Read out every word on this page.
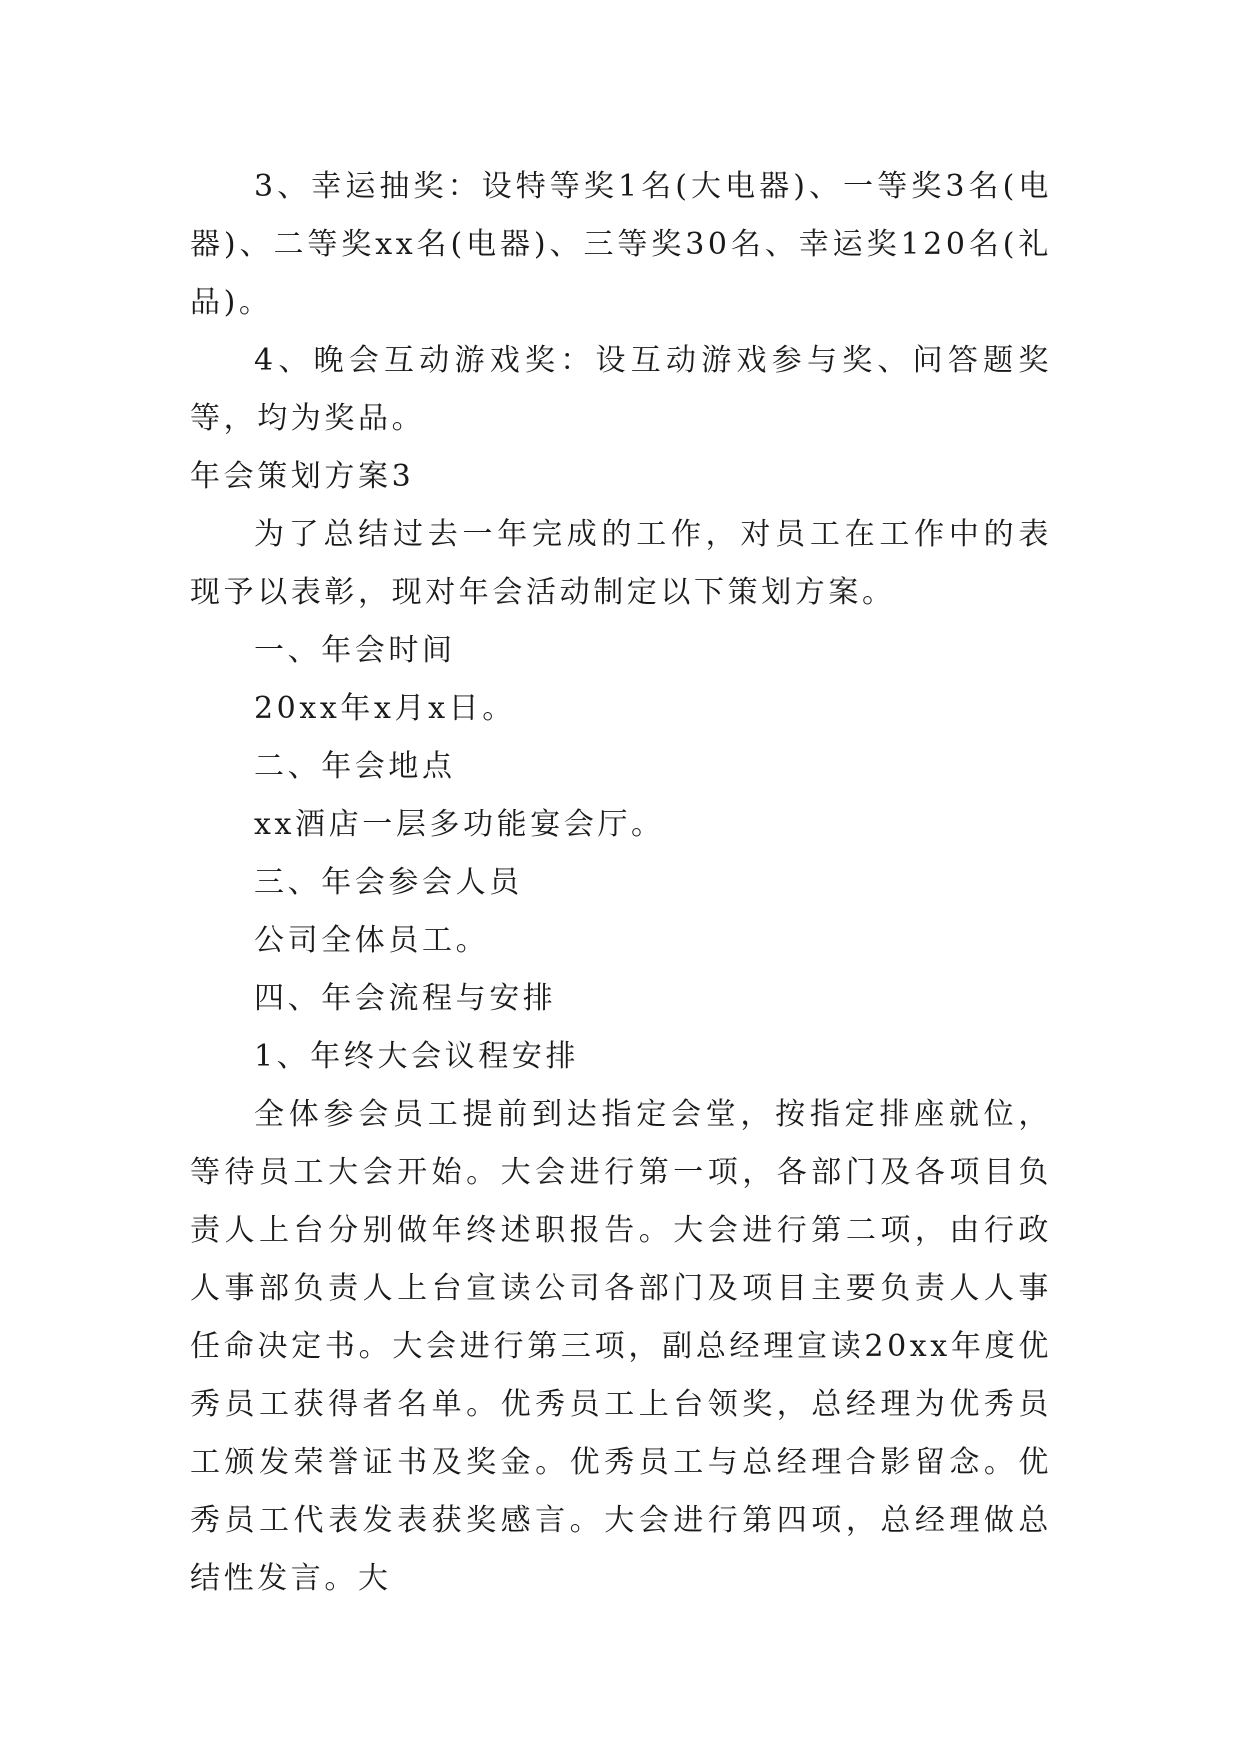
3、幸运抽奖：设特等奖1名(大电器)、一等奖3名(电器)、二等奖xx名(电器)、三等奖30名、幸运奖120名(礼品)。

4、晚会互动游戏奖：设互动游戏参与奖、问答题奖等，均为奖品。

年会策划方案3

为了总结过去一年完成的工作，对员工在工作中的表现予以表彰，现对年会活动制定以下策划方案。

一、年会时间

20xx年x月x日。

二、年会地点

xx酒店一层多功能宴会厅。

三、年会参会人员

公司全体员工。

四、年会流程与安排

1、年终大会议程安排

全体参会员工提前到达指定会堂，按指定排座就位，等待员工大会开始。大会进行第一项，各部门及各项目负责人上台分别做年终述职报告。大会进行第二项，由行政人事部负责人上台宣读公司各部门及项目主要负责人人事任命决定书。大会进行第三项，副总经理宣读20xx年度优秀员工获得者名单。优秀员工上台领奖，总经理为优秀员工颁发荣誉证书及奖金。优秀员工与总经理合影留念。优秀员工代表发表获奖感言。大会进行第四项，总经理做总结性发言。大
